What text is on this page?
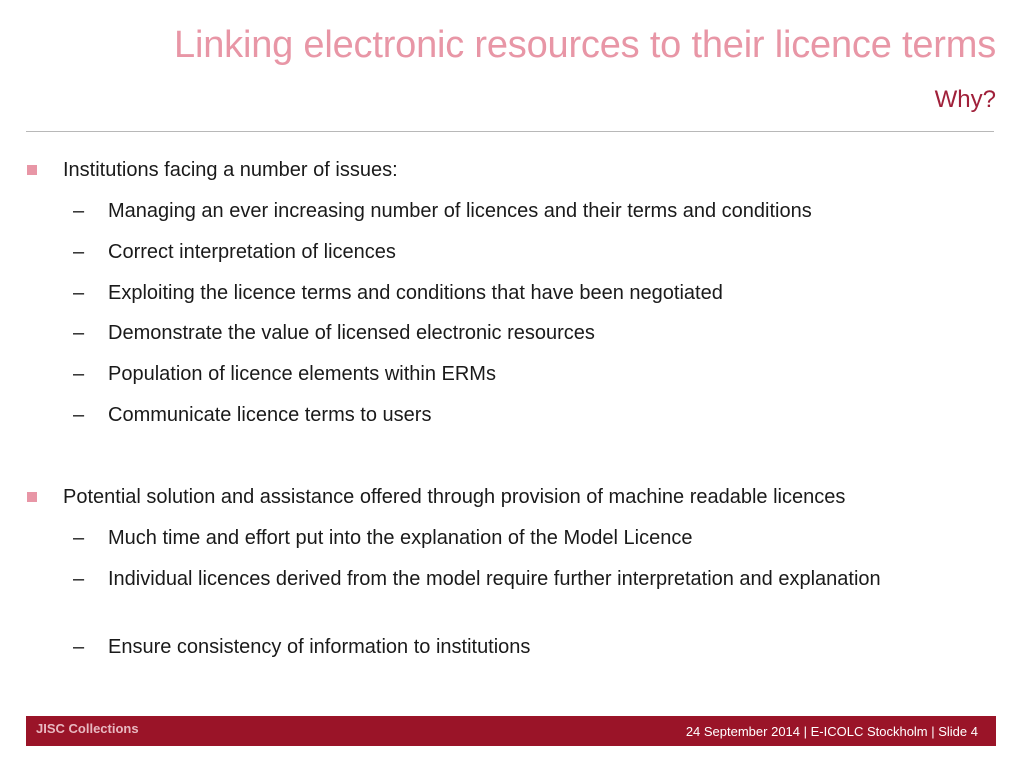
Linking electronic resources to their licence terms
Why?
Institutions facing a number of issues:
– Managing an ever increasing number of licences and their terms and conditions
– Correct interpretation of licences
– Exploiting the licence terms and conditions that have been negotiated
– Demonstrate the value of licensed electronic resources
– Population of licence elements within ERMs
– Communicate licence terms to users
Potential solution and assistance offered through provision of machine readable licences
– Much time and effort put into the explanation of the Model Licence
– Individual licences derived from the model require further interpretation and explanation
– Ensure consistency of information to institutions
JISC Collections	24 September 2014 | E-ICOLC Stockholm | Slide 4
